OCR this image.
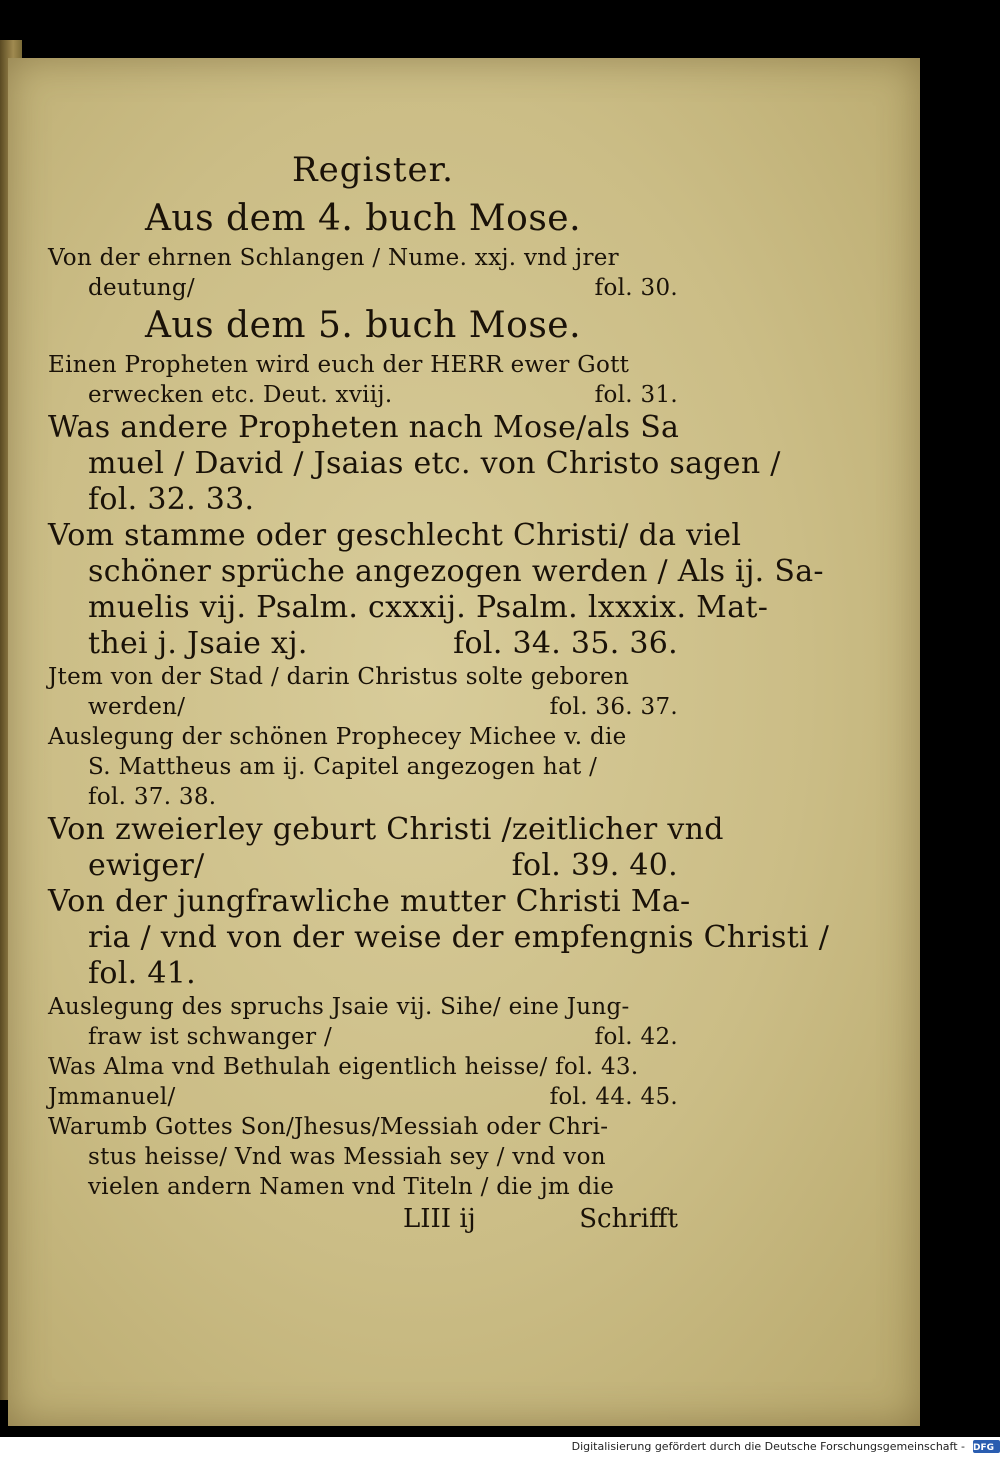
Register.
Aus dem 4. buch Mose.
Von der ehrnen Schlangen / Nume. xxj. vnd jrer
deutung/	fol. 30.
Aus dem 5. buch Mose.
Einen Propheten wird euch der HERR ewer Gott
erwecken etc. Deut. xviij.	fol. 31.
Was andere Propheten nach Mose/als Sa
muel / David / Jsaias etc. von Christo sagen /
fol. 32. 33.
Vom stamme oder geschlecht Christi/ da viel
schöner sprüche angezogen werden / Als ij. Sa-
muelis vij. Psalm. cxxxij. Psalm. lxxxix. Mat-
thei j. Jsaie xj.	fol. 34. 35. 36.
Jtem von der Stad / darin Christus solte geboren
werden/	fol. 36. 37.
Auslegung der schönen Prophecey Michee v. die
S. Mattheus am ij. Capitel angezogen hat /
fol. 37. 38.
Von zweierley geburt Christi /zeitlicher vnd
ewiger/	fol. 39. 40.
Von der jungfrawliche mutter Christi Ma-
ria / vnd von der weise der empfengnis Christi /
fol. 41.
Auslegung des spruchs Jsaie vij. Sihe/ eine Jung-
fraw ist schwanger /	fol. 42.
Was Alma vnd Bethulah eigentlich heisse/ fol. 43.
Jmmanuel/	fol. 44. 45.
Warumb Gottes Son/Jhesus/Messiah oder Chri-
stus heisse/ Vnd was Messiah sey / vnd von
vielen andern Namen vnd Titeln / die jm die
LIII ij	Schrifft
Digitalisierung gefördert durch die Deutsche Forschungsgemeinschaft - DFG
